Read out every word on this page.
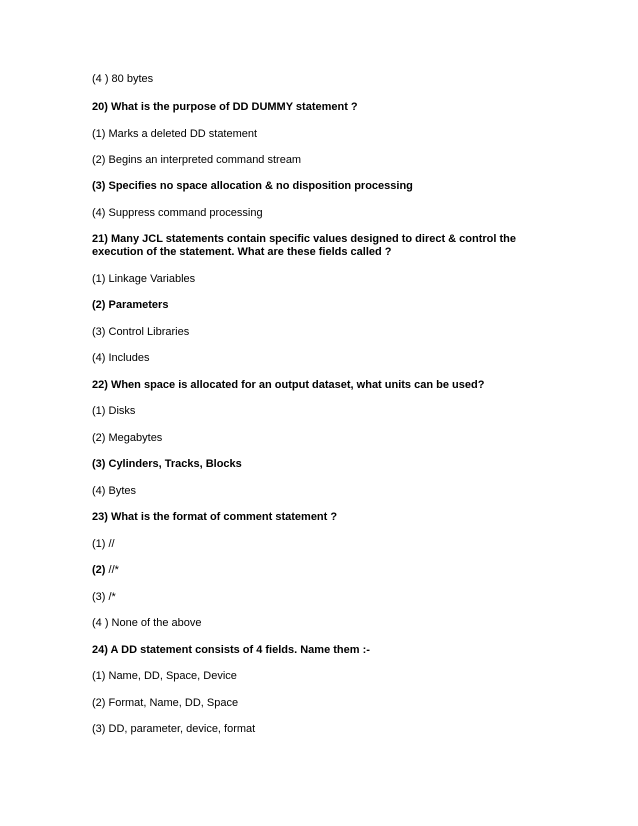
(4 ) 80 bytes
20) What is the purpose of DD DUMMY statement ?
(1) Marks a deleted DD statement
(2) Begins an interpreted command stream
(3) Specifies no space allocation & no disposition processing
(4) Suppress command processing
21) Many JCL statements contain specific values designed to direct & control the execution of the statement. What are these fields called ?
(1) Linkage Variables
(2) Parameters
(3) Control Libraries
(4) Includes
22) When space is allocated for an output dataset, what units can be used?
(1) Disks
(2) Megabytes
(3) Cylinders, Tracks, Blocks
(4) Bytes
23) What is the format of comment statement ?
(1) //
(2) //*
(3) /*
(4 ) None of the above
24) A DD statement consists of 4 fields. Name them :-
(1) Name, DD, Space, Device
(2) Format, Name, DD, Space
(3) DD, parameter, device, format
